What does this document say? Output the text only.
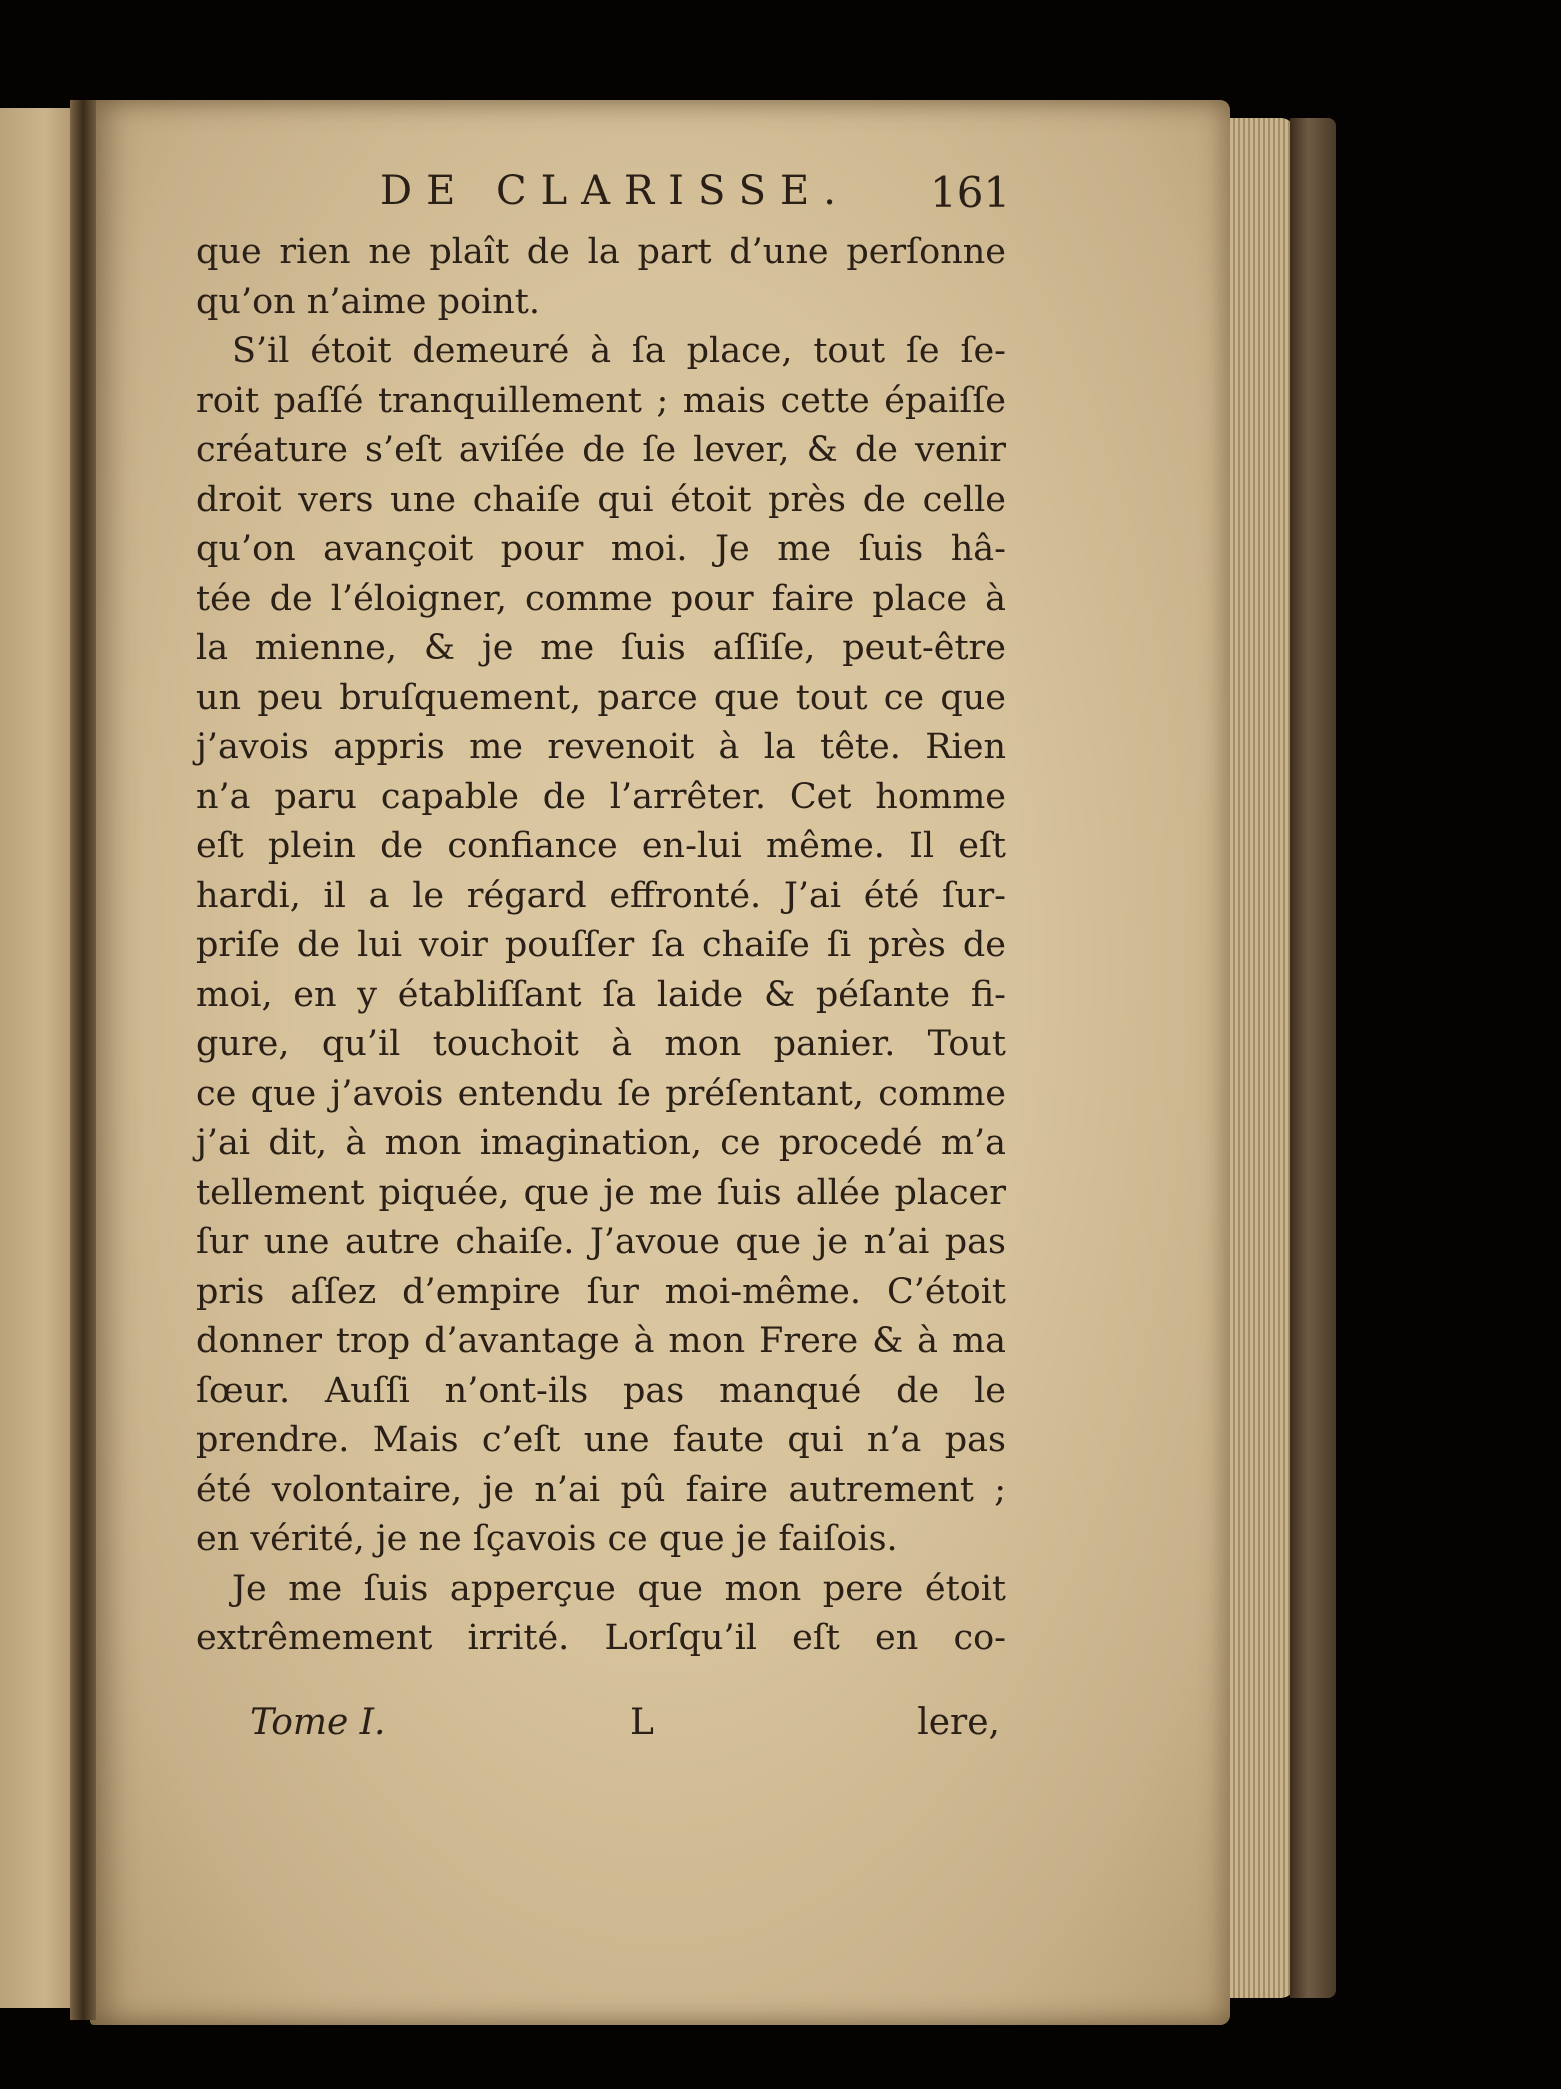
DE CLARISSE. 161
que rien ne plaît de la part d’une perſonne
qu’on n’aime point.
S’il étoit demeuré à ſa place, tout ſe ſe-
roit paſſé tranquillement ; mais cette épaiſſe
créature s’eſt aviſée de ſe lever, & de venir
droit vers une chaiſe qui étoit près de celle
qu’on avançoit pour moi. Je me ſuis hâ-
tée de l’éloigner, comme pour faire place à
la mienne, & je me ſuis aſſiſe, peut-être
un peu bruſquement, parce que tout ce que
j’avois appris me revenoit à la tête. Rien
n’a paru capable de l’arrêter. Cet homme
eſt plein de confiance en-lui même. Il eſt
hardi, il a le régard effronté. J’ai été ſur-
priſe de lui voir pouſſer ſa chaiſe ſi près de
moi, en y établiſſant ſa laide & péſante fi-
gure, qu’il touchoit à mon panier. Tout
ce que j’avois entendu ſe préſentant, comme
j’ai dit, à mon imagination, ce procedé m’a
tellement piquée, que je me ſuis allée placer
ſur une autre chaiſe. J’avoue que je n’ai pas
pris aſſez d’empire ſur moi-même. C’étoit
donner trop d’avantage à mon Frere & à ma
ſœur. Auſſi n’ont-ils pas manqué de le
prendre. Mais c’eſt une faute qui n’a pas
été volontaire, je n’ai pû faire autrement ;
en vérité, je ne ſçavois ce que je faiſois.
Je me ſuis apperçue que mon pere étoit
extrêmement irrité. Lorſqu’il eſt en co-
Tome I.	L	lere,
